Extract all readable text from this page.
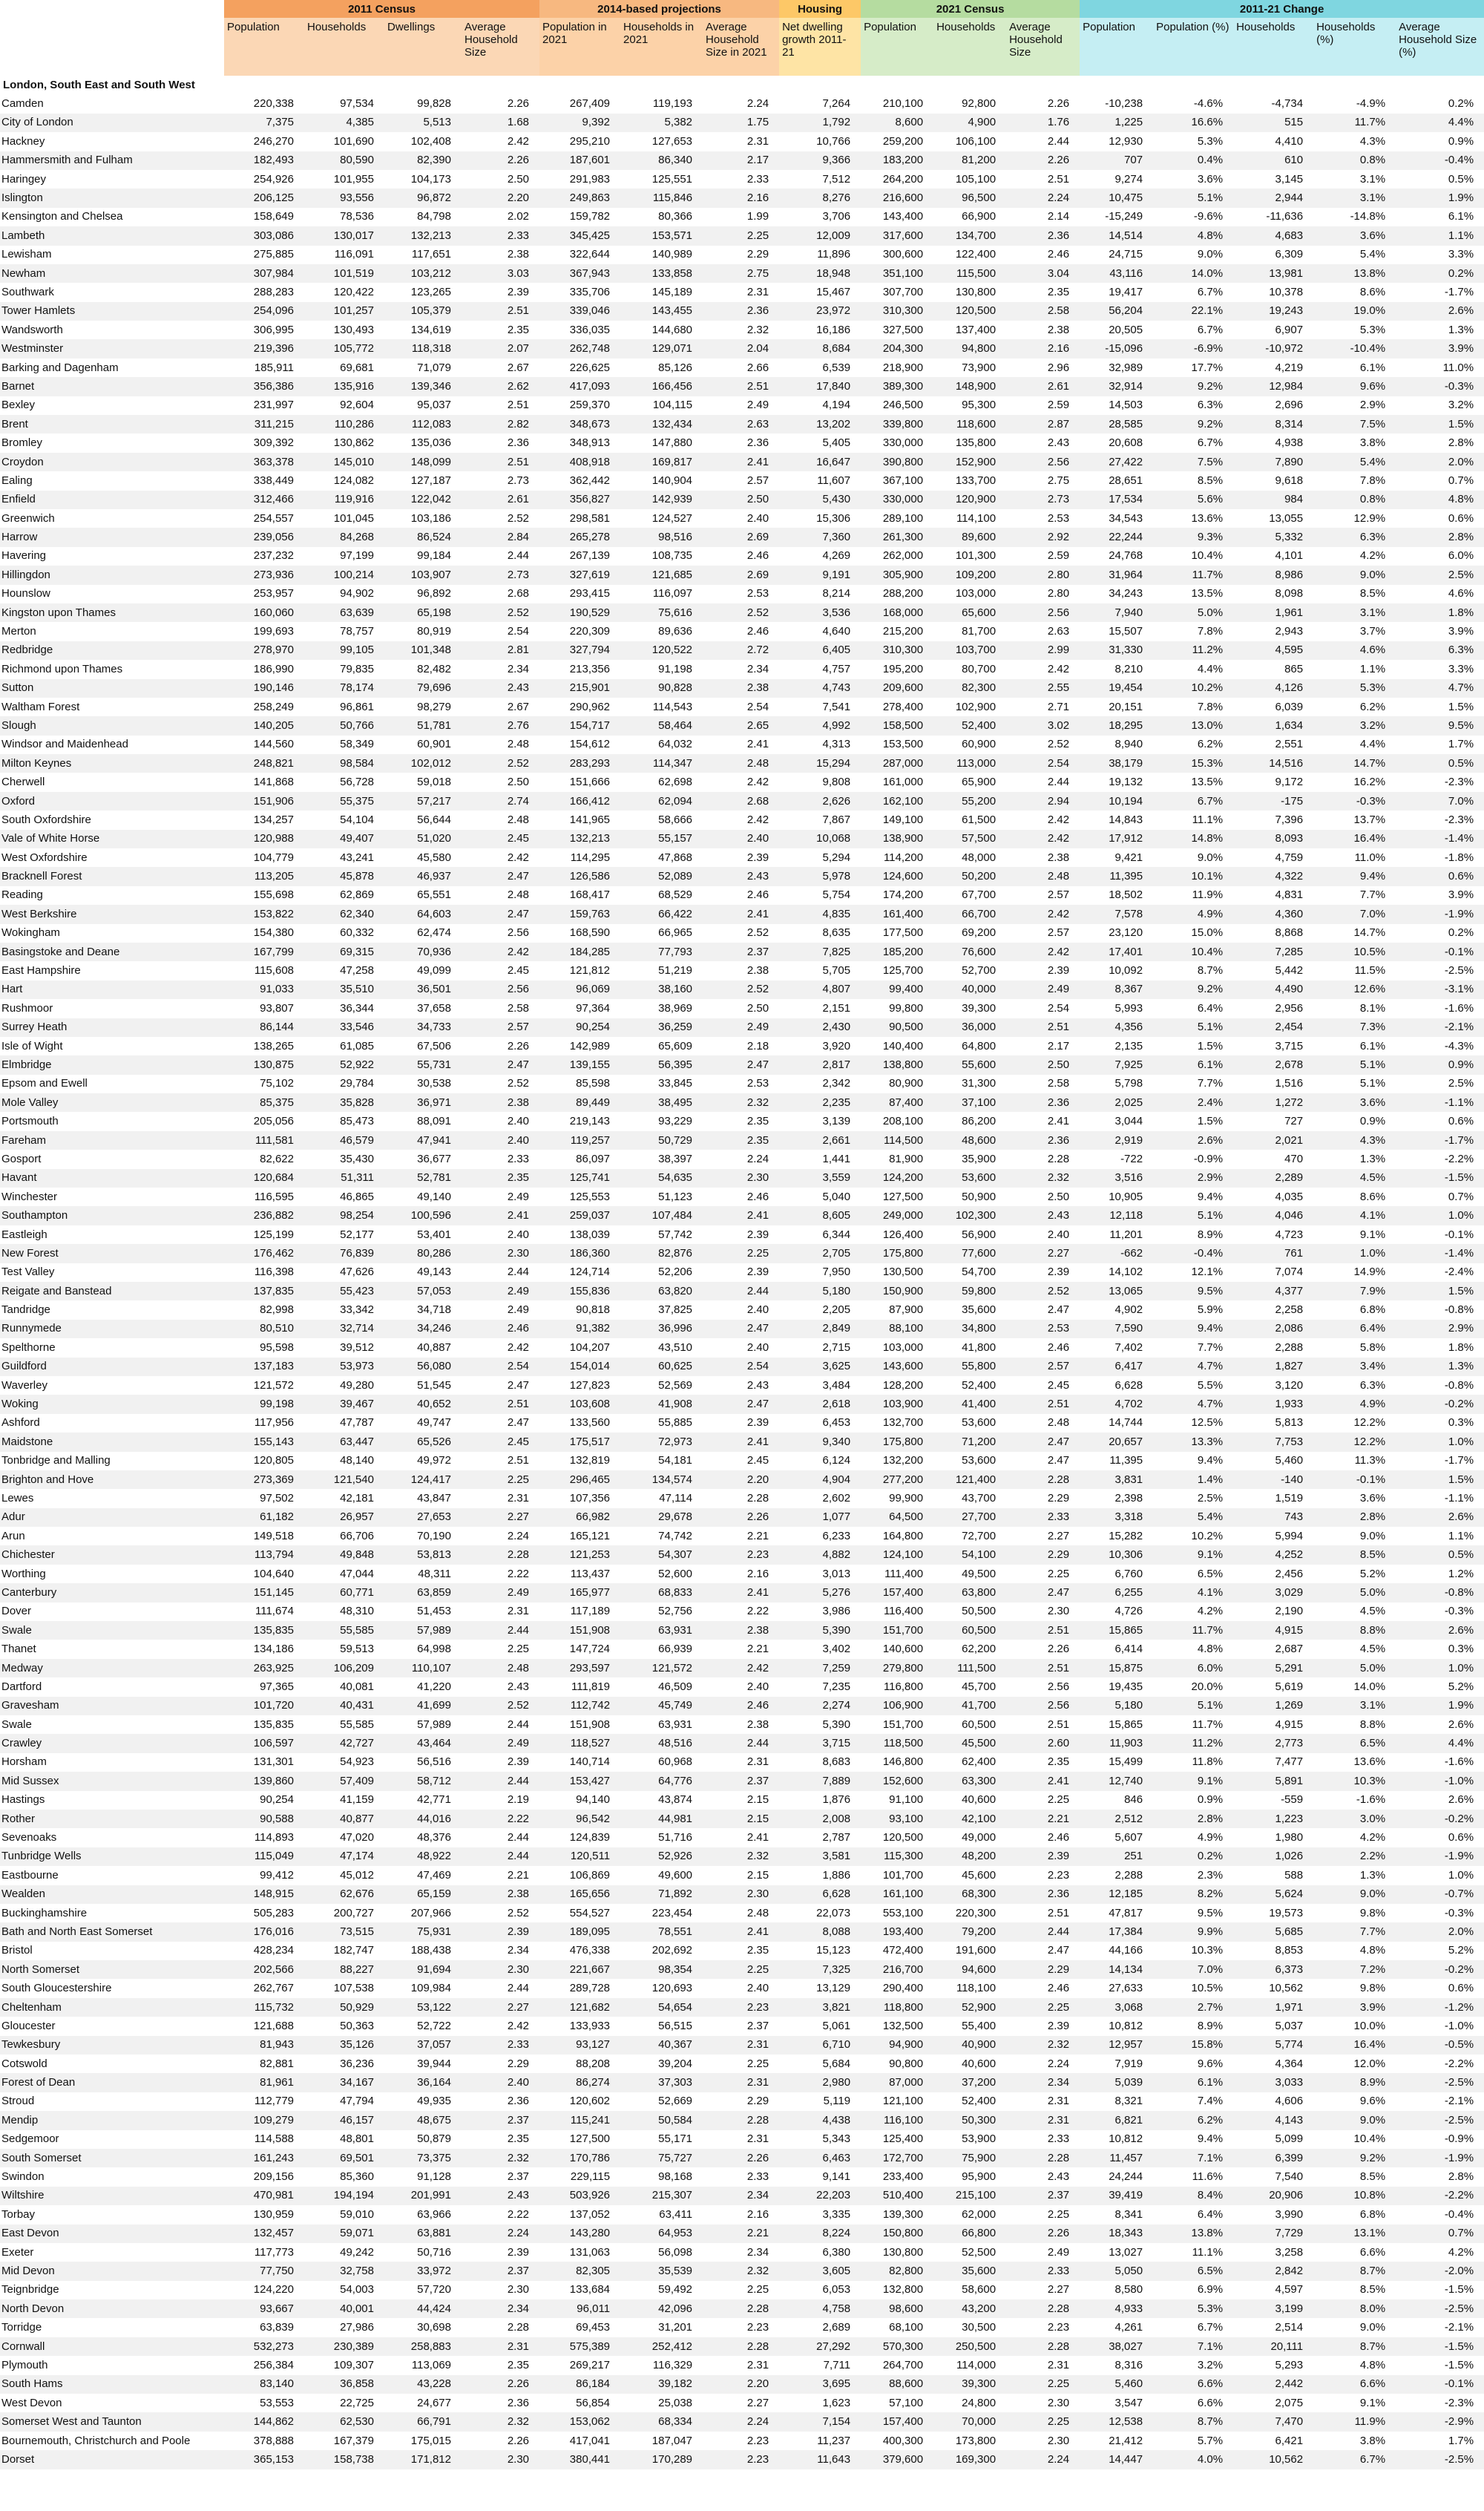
	2011 Census				2014-based projections			Housing	2021 Census			2011-21 Change				
	Population	Households	Dwellings	Average Household Size	Population in 2021	Households in 2021	Average Household Size in 2021	Net dwelling growth 2011-21	Population	Households	Average Household Size	Population	Population (%)	Households	Households (%)	Average Household Size (%)
London, South East and South West																
Camden	220,338	97,534	99,828	2.26	267,409	119,193	2.24	7,264	210,100	92,800	2.26	-10,238	-4.6%	-4,734	-4.9%	0.2%
City of London	7,375	4,385	5,513	1.68	9,392	5,382	1.75	1,792	8,600	4,900	1.76	1,225	16.6%	515	11.7%	4.4%
Hackney	246,270	101,690	102,408	2.42	295,210	127,653	2.31	10,766	259,200	106,100	2.44	12,930	5.3%	4,410	4.3%	0.9%
Hammersmith and Fulham	182,493	80,590	82,390	2.26	187,601	86,340	2.17	9,366	183,200	81,200	2.26	707	0.4%	610	0.8%	-0.4%
Haringey	254,926	101,955	104,173	2.50	291,983	125,551	2.33	7,512	264,200	105,100	2.51	9,274	3.6%	3,145	3.1%	0.5%
Islington	206,125	93,556	96,872	2.20	249,863	115,846	2.16	8,276	216,600	96,500	2.24	10,475	5.1%	2,944	3.1%	1.9%
Kensington and Chelsea	158,649	78,536	84,798	2.02	159,782	80,366	1.99	3,706	143,400	66,900	2.14	-15,249	-9.6%	-11,636	-14.8%	6.1%
Lambeth	303,086	130,017	132,213	2.33	345,425	153,571	2.25	12,009	317,600	134,700	2.36	14,514	4.8%	4,683	3.6%	1.1%
Lewisham	275,885	116,091	117,651	2.38	322,644	140,989	2.29	11,896	300,600	122,400	2.46	24,715	9.0%	6,309	5.4%	3.3%
Newham	307,984	101,519	103,212	3.03	367,943	133,858	2.75	18,948	351,100	115,500	3.04	43,116	14.0%	13,981	13.8%	0.2%
Southwark	288,283	120,422	123,265	2.39	335,706	145,189	2.31	15,467	307,700	130,800	2.35	19,417	6.7%	10,378	8.6%	-1.7%
Tower Hamlets	254,096	101,257	105,379	2.51	339,046	143,455	2.36	23,972	310,300	120,500	2.58	56,204	22.1%	19,243	19.0%	2.6%
Wandsworth	306,995	130,493	134,619	2.35	336,035	144,680	2.32	16,186	327,500	137,400	2.38	20,505	6.7%	6,907	5.3%	1.3%
Westminster	219,396	105,772	118,318	2.07	262,748	129,071	2.04	8,684	204,300	94,800	2.16	-15,096	-6.9%	-10,972	-10.4%	3.9%
Barking and Dagenham	185,911	69,681	71,079	2.67	226,625	85,126	2.66	6,539	218,900	73,900	2.96	32,989	17.7%	4,219	6.1%	11.0%
Barnet	356,386	135,916	139,346	2.62	417,093	166,456	2.51	17,840	389,300	148,900	2.61	32,914	9.2%	12,984	9.6%	-0.3%
Bexley	231,997	92,604	95,037	2.51	259,370	104,115	2.49	4,194	246,500	95,300	2.59	14,503	6.3%	2,696	2.9%	3.2%
Brent	311,215	110,286	112,083	2.82	348,673	132,434	2.63	13,202	339,800	118,600	2.87	28,585	9.2%	8,314	7.5%	1.5%
Bromley	309,392	130,862	135,036	2.36	348,913	147,880	2.36	5,405	330,000	135,800	2.43	20,608	6.7%	4,938	3.8%	2.8%
Croydon	363,378	145,010	148,099	2.51	408,918	169,817	2.41	16,647	390,800	152,900	2.56	27,422	7.5%	7,890	5.4%	2.0%
Ealing	338,449	124,082	127,187	2.73	362,442	140,904	2.57	11,607	367,100	133,700	2.75	28,651	8.5%	9,618	7.8%	0.7%
Enfield	312,466	119,916	122,042	2.61	356,827	142,939	2.50	5,430	330,000	120,900	2.73	17,534	5.6%	984	0.8%	4.8%
Greenwich	254,557	101,045	103,186	2.52	298,581	124,527	2.40	15,306	289,100	114,100	2.53	34,543	13.6%	13,055	12.9%	0.6%
Harrow	239,056	84,268	86,524	2.84	265,278	98,516	2.69	7,360	261,300	89,600	2.92	22,244	9.3%	5,332	6.3%	2.8%
Havering	237,232	97,199	99,184	2.44	267,139	108,735	2.46	4,269	262,000	101,300	2.59	24,768	10.4%	4,101	4.2%	6.0%
Hillingdon	273,936	100,214	103,907	2.73	327,619	121,685	2.69	9,191	305,900	109,200	2.80	31,964	11.7%	8,986	9.0%	2.5%
Hounslow	253,957	94,902	96,892	2.68	293,415	116,097	2.53	8,214	288,200	103,000	2.80	34,243	13.5%	8,098	8.5%	4.6%
Kingston upon Thames	160,060	63,639	65,198	2.52	190,529	75,616	2.52	3,536	168,000	65,600	2.56	7,940	5.0%	1,961	3.1%	1.8%
Merton	199,693	78,757	80,919	2.54	220,309	89,636	2.46	4,640	215,200	81,700	2.63	15,507	7.8%	2,943	3.7%	3.9%
Redbridge	278,970	99,105	101,348	2.81	327,794	120,522	2.72	6,405	310,300	103,700	2.99	31,330	11.2%	4,595	4.6%	6.3%
Richmond upon Thames	186,990	79,835	82,482	2.34	213,356	91,198	2.34	4,757	195,200	80,700	2.42	8,210	4.4%	865	1.1%	3.3%
Sutton	190,146	78,174	79,696	2.43	215,901	90,828	2.38	4,743	209,600	82,300	2.55	19,454	10.2%	4,126	5.3%	4.7%
Waltham Forest	258,249	96,861	98,279	2.67	290,962	114,543	2.54	7,541	278,400	102,900	2.71	20,151	7.8%	6,039	6.2%	1.5%
Slough	140,205	50,766	51,781	2.76	154,717	58,464	2.65	4,992	158,500	52,400	3.02	18,295	13.0%	1,634	3.2%	9.5%
Windsor and Maidenhead	144,560	58,349	60,901	2.48	154,612	64,032	2.41	4,313	153,500	60,900	2.52	8,940	6.2%	2,551	4.4%	1.7%
Milton Keynes	248,821	98,584	102,012	2.52	283,293	114,347	2.48	15,294	287,000	113,000	2.54	38,179	15.3%	14,516	14.7%	0.5%
Cherwell	141,868	56,728	59,018	2.50	151,666	62,698	2.42	9,808	161,000	65,900	2.44	19,132	13.5%	9,172	16.2%	-2.3%
Oxford	151,906	55,375	57,217	2.74	166,412	62,094	2.68	2,626	162,100	55,200	2.94	10,194	6.7%	-175	-0.3%	7.0%
South Oxfordshire	134,257	54,104	56,644	2.48	141,965	58,666	2.42	7,867	149,100	61,500	2.42	14,843	11.1%	7,396	13.7%	-2.3%
Vale of White Horse	120,988	49,407	51,020	2.45	132,213	55,157	2.40	10,068	138,900	57,500	2.42	17,912	14.8%	8,093	16.4%	-1.4%
West Oxfordshire	104,779	43,241	45,580	2.42	114,295	47,868	2.39	5,294	114,200	48,000	2.38	9,421	9.0%	4,759	11.0%	-1.8%
Bracknell Forest	113,205	45,878	46,937	2.47	126,586	52,089	2.43	5,978	124,600	50,200	2.48	11,395	10.1%	4,322	9.4%	0.6%
Reading	155,698	62,869	65,551	2.48	168,417	68,529	2.46	5,754	174,200	67,700	2.57	18,502	11.9%	4,831	7.7%	3.9%
West Berkshire	153,822	62,340	64,603	2.47	159,763	66,422	2.41	4,835	161,400	66,700	2.42	7,578	4.9%	4,360	7.0%	-1.9%
Wokingham	154,380	60,332	62,474	2.56	168,590	66,965	2.52	8,635	177,500	69,200	2.57	23,120	15.0%	8,868	14.7%	0.2%
Basingstoke and Deane	167,799	69,315	70,936	2.42	184,285	77,793	2.37	7,825	185,200	76,600	2.42	17,401	10.4%	7,285	10.5%	-0.1%
East Hampshire	115,608	47,258	49,099	2.45	121,812	51,219	2.38	5,705	125,700	52,700	2.39	10,092	8.7%	5,442	11.5%	-2.5%
Hart	91,033	35,510	36,501	2.56	96,069	38,160	2.52	4,807	99,400	40,000	2.49	8,367	9.2%	4,490	12.6%	-3.1%
Rushmoor	93,807	36,344	37,658	2.58	97,364	38,969	2.50	2,151	99,800	39,300	2.54	5,993	6.4%	2,956	8.1%	-1.6%
Surrey Heath	86,144	33,546	34,733	2.57	90,254	36,259	2.49	2,430	90,500	36,000	2.51	4,356	5.1%	2,454	7.3%	-2.1%
Isle of Wight	138,265	61,085	67,506	2.26	142,989	65,609	2.18	3,920	140,400	64,800	2.17	2,135	1.5%	3,715	6.1%	-4.3%
Elmbridge	130,875	52,922	55,731	2.47	139,155	56,395	2.47	2,817	138,800	55,600	2.50	7,925	6.1%	2,678	5.1%	0.9%
Epsom and Ewell	75,102	29,784	30,538	2.52	85,598	33,845	2.53	2,342	80,900	31,300	2.58	5,798	7.7%	1,516	5.1%	2.5%
Mole Valley	85,375	35,828	36,971	2.38	89,449	38,495	2.32	2,235	87,400	37,100	2.36	2,025	2.4%	1,272	3.6%	-1.1%
Portsmouth	205,056	85,473	88,091	2.40	219,143	93,229	2.35	3,139	208,100	86,200	2.41	3,044	1.5%	727	0.9%	0.6%
Fareham	111,581	46,579	47,941	2.40	119,257	50,729	2.35	2,661	114,500	48,600	2.36	2,919	2.6%	2,021	4.3%	-1.7%
Gosport	82,622	35,430	36,677	2.33	86,097	38,397	2.24	1,441	81,900	35,900	2.28	-722	-0.9%	470	1.3%	-2.2%
Havant	120,684	51,311	52,781	2.35	125,741	54,635	2.30	3,559	124,200	53,600	2.32	3,516	2.9%	2,289	4.5%	-1.5%
Winchester	116,595	46,865	49,140	2.49	125,553	51,123	2.46	5,040	127,500	50,900	2.50	10,905	9.4%	4,035	8.6%	0.7%
Southampton	236,882	98,254	100,596	2.41	259,037	107,484	2.41	8,605	249,000	102,300	2.43	12,118	5.1%	4,046	4.1%	1.0%
Eastleigh	125,199	52,177	53,401	2.40	138,039	57,742	2.39	6,344	126,400	56,900	2.40	11,201	8.9%	4,723	9.1%	-0.1%
New Forest	176,462	76,839	80,286	2.30	186,360	82,876	2.25	2,705	175,800	77,600	2.27	-662	-0.4%	761	1.0%	-1.4%
Test Valley	116,398	47,626	49,143	2.44	124,714	52,206	2.39	7,950	130,500	54,700	2.39	14,102	12.1%	7,074	14.9%	-2.4%
Reigate and Banstead	137,835	55,423	57,053	2.49	155,836	63,820	2.44	5,180	150,900	59,800	2.52	13,065	9.5%	4,377	7.9%	1.5%
Tandridge	82,998	33,342	34,718	2.49	90,818	37,825	2.40	2,205	87,900	35,600	2.47	4,902	5.9%	2,258	6.8%	-0.8%
Runnymede	80,510	32,714	34,246	2.46	91,382	36,996	2.47	2,849	88,100	34,800	2.53	7,590	9.4%	2,086	6.4%	2.9%
Spelthorne	95,598	39,512	40,887	2.42	104,207	43,510	2.40	2,715	103,000	41,800	2.46	7,402	7.7%	2,288	5.8%	1.8%
Guildford	137,183	53,973	56,080	2.54	154,014	60,625	2.54	3,625	143,600	55,800	2.57	6,417	4.7%	1,827	3.4%	1.3%
Waverley	121,572	49,280	51,545	2.47	127,823	52,569	2.43	3,484	128,200	52,400	2.45	6,628	5.5%	3,120	6.3%	-0.8%
Woking	99,198	39,467	40,652	2.51	103,608	41,908	2.47	2,618	103,900	41,400	2.51	4,702	4.7%	1,933	4.9%	-0.2%
Ashford	117,956	47,787	49,747	2.47	133,560	55,885	2.39	6,453	132,700	53,600	2.48	14,744	12.5%	5,813	12.2%	0.3%
Maidstone	155,143	63,447	65,526	2.45	175,517	72,973	2.41	9,340	175,800	71,200	2.47	20,657	13.3%	7,753	12.2%	1.0%
Tonbridge and Malling	120,805	48,140	49,972	2.51	132,819	54,181	2.45	6,124	132,200	53,600	2.47	11,395	9.4%	5,460	11.3%	-1.7%
Brighton and Hove	273,369	121,540	124,417	2.25	296,465	134,574	2.20	4,904	277,200	121,400	2.28	3,831	1.4%	-140	-0.1%	1.5%
Lewes	97,502	42,181	43,847	2.31	107,356	47,114	2.28	2,602	99,900	43,700	2.29	2,398	2.5%	1,519	3.6%	-1.1%
Adur	61,182	26,957	27,653	2.27	66,982	29,678	2.26	1,077	64,500	27,700	2.33	3,318	5.4%	743	2.8%	2.6%
Arun	149,518	66,706	70,190	2.24	165,121	74,742	2.21	6,233	164,800	72,700	2.27	15,282	10.2%	5,994	9.0%	1.1%
Chichester	113,794	49,848	53,813	2.28	121,253	54,307	2.23	4,882	124,100	54,100	2.29	10,306	9.1%	4,252	8.5%	0.5%
Worthing	104,640	47,044	48,311	2.22	113,437	52,600	2.16	3,013	111,400	49,500	2.25	6,760	6.5%	2,456	5.2%	1.2%
Canterbury	151,145	60,771	63,859	2.49	165,977	68,833	2.41	5,276	157,400	63,800	2.47	6,255	4.1%	3,029	5.0%	-0.8%
Dover	111,674	48,310	51,453	2.31	117,189	52,756	2.22	3,986	116,400	50,500	2.30	4,726	4.2%	2,190	4.5%	-0.3%
Swale	135,835	55,585	57,989	2.44	151,908	63,931	2.38	5,390	151,700	60,500	2.51	15,865	11.7%	4,915	8.8%	2.6%
Thanet	134,186	59,513	64,998	2.25	147,724	66,939	2.21	3,402	140,600	62,200	2.26	6,414	4.8%	2,687	4.5%	0.3%
Medway	263,925	106,209	110,107	2.48	293,597	121,572	2.42	7,259	279,800	111,500	2.51	15,875	6.0%	5,291	5.0%	1.0%
Dartford	97,365	40,081	41,220	2.43	111,819	46,509	2.40	7,235	116,800	45,700	2.56	19,435	20.0%	5,619	14.0%	5.2%
Gravesham	101,720	40,431	41,699	2.52	112,742	45,749	2.46	2,274	106,900	41,700	2.56	5,180	5.1%	1,269	3.1%	1.9%
Swale	135,835	55,585	57,989	2.44	151,908	63,931	2.38	5,390	151,700	60,500	2.51	15,865	11.7%	4,915	8.8%	2.6%
Crawley	106,597	42,727	43,464	2.49	118,527	48,516	2.44	3,715	118,500	45,500	2.60	11,903	11.2%	2,773	6.5%	4.4%
Horsham	131,301	54,923	56,516	2.39	140,714	60,968	2.31	8,683	146,800	62,400	2.35	15,499	11.8%	7,477	13.6%	-1.6%
Mid Sussex	139,860	57,409	58,712	2.44	153,427	64,776	2.37	7,889	152,600	63,300	2.41	12,740	9.1%	5,891	10.3%	-1.0%
Hastings	90,254	41,159	42,771	2.19	94,140	43,874	2.15	1,876	91,100	40,600	2.25	846	0.9%	-559	-1.6%	2.6%
Rother	90,588	40,877	44,016	2.22	96,542	44,981	2.15	2,008	93,100	42,100	2.21	2,512	2.8%	1,223	3.0%	-0.2%
Sevenoaks	114,893	47,020	48,376	2.44	124,839	51,716	2.41	2,787	120,500	49,000	2.46	5,607	4.9%	1,980	4.2%	0.6%
Tunbridge Wells	115,049	47,174	48,922	2.44	120,511	52,926	2.32	3,581	115,300	48,200	2.39	251	0.2%	1,026	2.2%	-1.9%
Eastbourne	99,412	45,012	47,469	2.21	106,869	49,600	2.15	1,886	101,700	45,600	2.23	2,288	2.3%	588	1.3%	1.0%
Wealden	148,915	62,676	65,159	2.38	165,656	71,892	2.30	6,628	161,100	68,300	2.36	12,185	8.2%	5,624	9.0%	-0.7%
Buckinghamshire	505,283	200,727	207,966	2.52	554,527	223,454	2.48	22,073	553,100	220,300	2.51	47,817	9.5%	19,573	9.8%	-0.3%
Bath and North East Somerset	176,016	73,515	75,931	2.39	189,095	78,551	2.41	8,088	193,400	79,200	2.44	17,384	9.9%	5,685	7.7%	2.0%
Bristol	428,234	182,747	188,438	2.34	476,338	202,692	2.35	15,123	472,400	191,600	2.47	44,166	10.3%	8,853	4.8%	5.2%
North Somerset	202,566	88,227	91,694	2.30	221,667	98,354	2.25	7,325	216,700	94,600	2.29	14,134	7.0%	6,373	7.2%	-0.2%
South Gloucestershire	262,767	107,538	109,984	2.44	289,728	120,693	2.40	13,129	290,400	118,100	2.46	27,633	10.5%	10,562	9.8%	0.6%
Cheltenham	115,732	50,929	53,122	2.27	121,682	54,654	2.23	3,821	118,800	52,900	2.25	3,068	2.7%	1,971	3.9%	-1.2%
Gloucester	121,688	50,363	52,722	2.42	133,933	56,515	2.37	5,061	132,500	55,400	2.39	10,812	8.9%	5,037	10.0%	-1.0%
Tewkesbury	81,943	35,126	37,057	2.33	93,127	40,367	2.31	6,710	94,900	40,900	2.32	12,957	15.8%	5,774	16.4%	-0.5%
Cotswold	82,881	36,236	39,944	2.29	88,208	39,204	2.25	5,684	90,800	40,600	2.24	7,919	9.6%	4,364	12.0%	-2.2%
Forest of Dean	81,961	34,167	36,164	2.40	86,274	37,303	2.31	2,980	87,000	37,200	2.34	5,039	6.1%	3,033	8.9%	-2.5%
Stroud	112,779	47,794	49,935	2.36	120,602	52,669	2.29	5,119	121,100	52,400	2.31	8,321	7.4%	4,606	9.6%	-2.1%
Mendip	109,279	46,157	48,675	2.37	115,241	50,584	2.28	4,438	116,100	50,300	2.31	6,821	6.2%	4,143	9.0%	-2.5%
Sedgemoor	114,588	48,801	50,879	2.35	127,500	55,171	2.31	5,343	125,400	53,900	2.33	10,812	9.4%	5,099	10.4%	-0.9%
South Somerset	161,243	69,501	73,375	2.32	170,786	75,727	2.26	6,463	172,700	75,900	2.28	11,457	7.1%	6,399	9.2%	-1.9%
Swindon	209,156	85,360	91,128	2.37	229,115	98,168	2.33	9,141	233,400	95,900	2.43	24,244	11.6%	7,540	8.5%	2.8%
Wiltshire	470,981	194,194	201,991	2.43	503,926	215,307	2.34	22,203	510,400	215,100	2.37	39,419	8.4%	20,906	10.8%	-2.2%
Torbay	130,959	59,010	63,966	2.22	137,052	63,411	2.16	3,335	139,300	62,000	2.25	8,341	6.4%	3,990	6.8%	-0.4%
East Devon	132,457	59,071	63,881	2.24	143,280	64,953	2.21	8,224	150,800	66,800	2.26	18,343	13.8%	7,729	13.1%	0.7%
Exeter	117,773	49,242	50,716	2.39	131,063	56,098	2.34	6,380	130,800	52,500	2.49	13,027	11.1%	3,258	6.6%	4.2%
Mid Devon	77,750	32,758	33,972	2.37	82,305	35,539	2.32	3,605	82,800	35,600	2.33	5,050	6.5%	2,842	8.7%	-2.0%
Teignbridge	124,220	54,003	57,720	2.30	133,684	59,492	2.25	6,053	132,800	58,600	2.27	8,580	6.9%	4,597	8.5%	-1.5%
North Devon	93,667	40,001	44,424	2.34	96,011	42,096	2.28	4,758	98,600	43,200	2.28	4,933	5.3%	3,199	8.0%	-2.5%
Torridge	63,839	27,986	30,698	2.28	69,453	31,201	2.23	2,689	68,100	30,500	2.23	4,261	6.7%	2,514	9.0%	-2.1%
Cornwall	532,273	230,389	258,883	2.31	575,389	252,412	2.28	27,292	570,300	250,500	2.28	38,027	7.1%	20,111	8.7%	-1.5%
Plymouth	256,384	109,307	113,069	2.35	269,217	116,329	2.31	7,711	264,700	114,000	2.31	8,316	3.2%	5,293	4.8%	-1.5%
South Hams	83,140	36,858	43,228	2.26	86,184	39,182	2.20	3,695	88,600	39,300	2.25	5,460	6.6%	2,442	6.6%	-0.1%
West Devon	53,553	22,725	24,677	2.36	56,854	25,038	2.27	1,623	57,100	24,800	2.30	3,547	6.6%	2,075	9.1%	-2.3%
Somerset West and Taunton	144,862	62,530	66,791	2.32	153,062	68,334	2.24	7,154	157,400	70,000	2.25	12,538	8.7%	7,470	11.9%	-2.9%
Bournemouth, Christchurch and Poole	378,888	167,379	175,015	2.26	417,041	187,047	2.23	11,237	400,300	173,800	2.30	21,412	5.7%	6,421	3.8%	1.7%
Dorset	365,153	158,738	171,812	2.30	380,441	170,289	2.23	11,643	379,600	169,300	2.24	14,447	4.0%	10,562	6.7%	-2.5%
